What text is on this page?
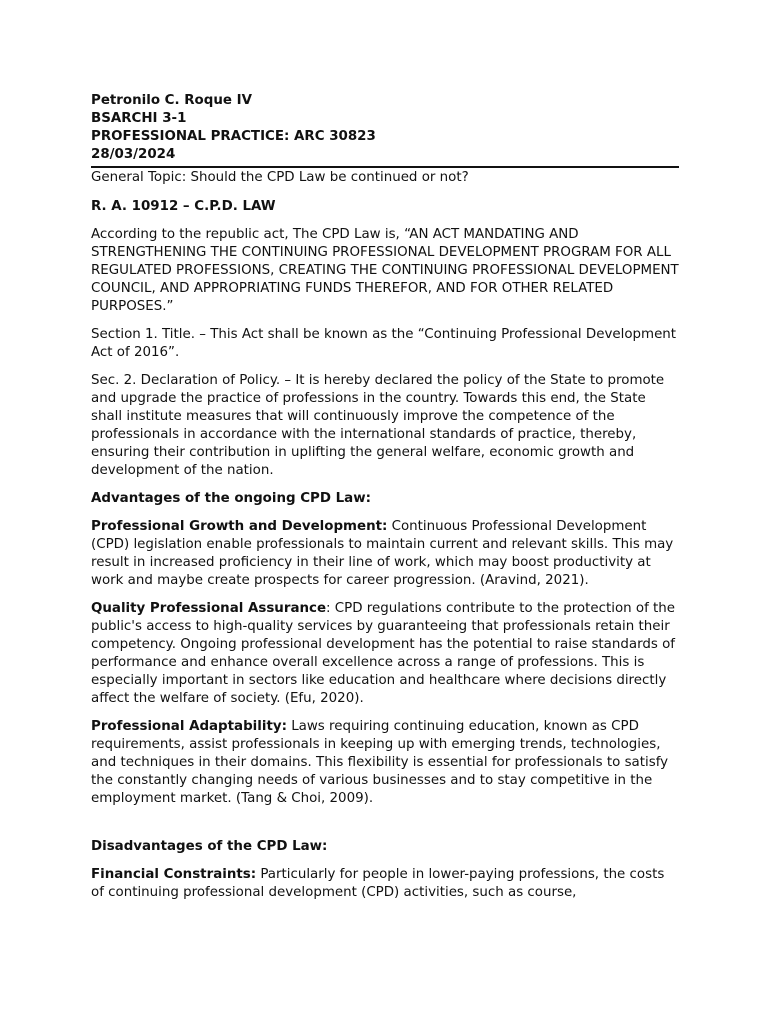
Petronilo C. Roque IV
BSARCHI 3-1
PROFESSIONAL PRACTICE: ARC 30823
28/03/2024
General Topic: Should the CPD Law be continued or not?
R. A. 10912 – C.P.D. LAW

According to the republic act, The CPD Law is, “AN ACT MANDATING AND STRENGTHENING THE CONTINUING PROFESSIONAL DEVELOPMENT PROGRAM FOR ALL REGULATED PROFESSIONS, CREATING THE CONTINUING PROFESSIONAL DEVELOPMENT COUNCIL, AND APPROPRIATING FUNDS THEREFOR, AND FOR OTHER RELATED PURPOSES.”

Section 1. Title. – This Act shall be known as the “Continuing Professional Development Act of 2016”.

Sec. 2. Declaration of Policy. – It is hereby declared the policy of the State to promote and upgrade the practice of professions in the country. Towards this end, the State shall institute measures that will continuously improve the competence of the professionals in accordance with the international standards of practice, thereby, ensuring their contribution in uplifting the general welfare, economic growth and development of the nation.

Advantages of the ongoing CPD Law:

Professional Growth and Development: Continuous Professional Development (CPD) legislation enable professionals to maintain current and relevant skills. This may result in increased proficiency in their line of work, which may boost productivity at work and maybe create prospects for career progression. (Aravind, 2021).

Quality Professional Assurance: CPD regulations contribute to the protection of the public's access to high-quality services by guaranteeing that professionals retain their competency. Ongoing professional development has the potential to raise standards of performance and enhance overall excellence across a range of professions. This is especially important in sectors like education and healthcare where decisions directly affect the welfare of society. (Efu, 2020).

Professional Adaptability: Laws requiring continuing education, known as CPD requirements, assist professionals in keeping up with emerging trends, technologies, and techniques in their domains. This flexibility is essential for professionals to satisfy the constantly changing needs of various businesses and to stay competitive in the employment market. (Tang & Choi, 2009).

Disadvantages of the CPD Law:

Financial Constraints: Particularly for people in lower-paying professions, the costs of continuing professional development (CPD) activities, such as course,
